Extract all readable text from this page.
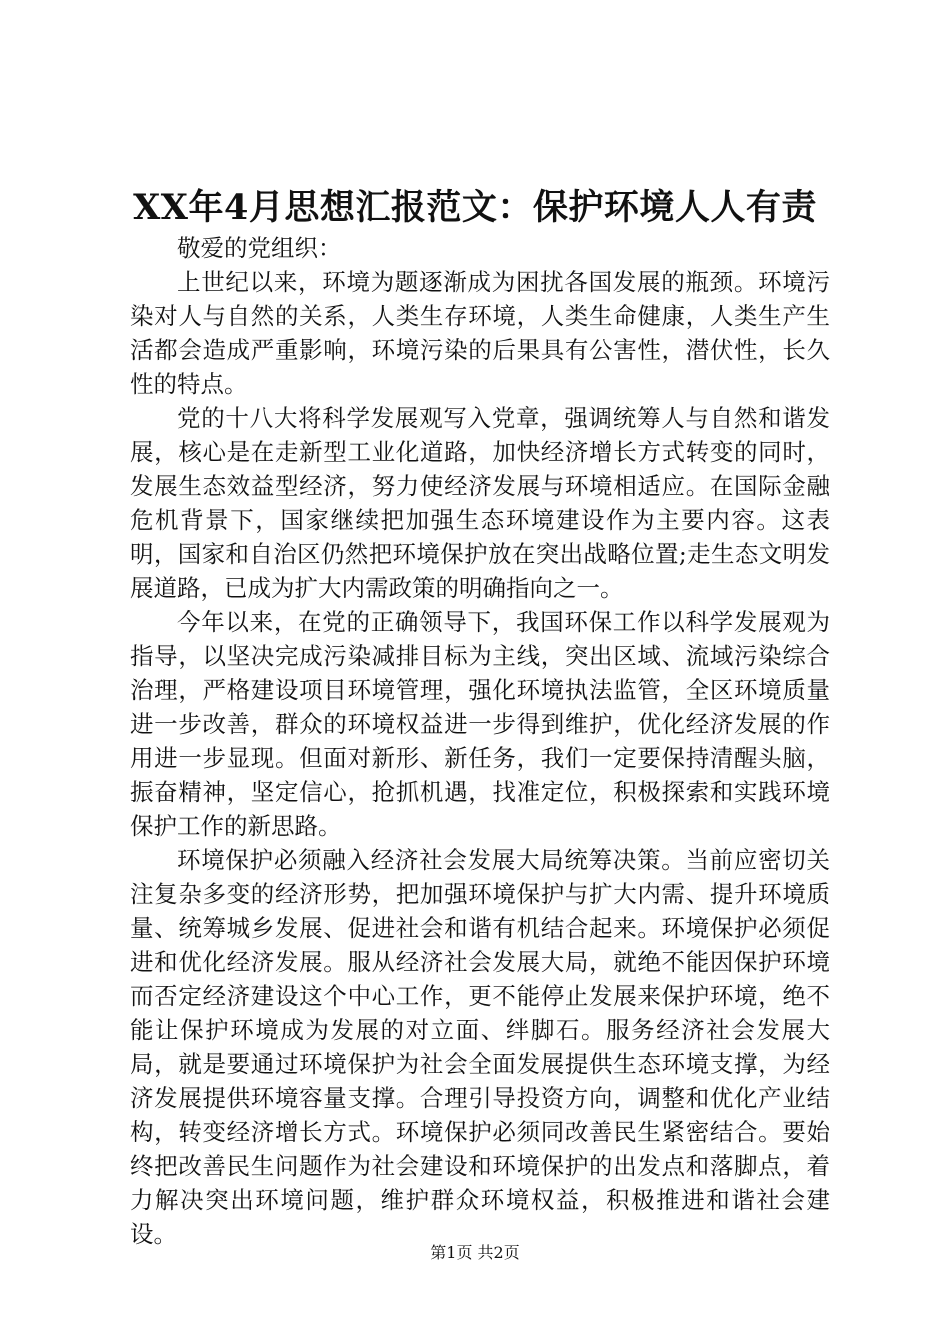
XX年4月思想汇报范文：保护环境人人有责

敬爱的党组织：

上世纪以来，环境为题逐渐成为困扰各国发展的瓶颈。环境污染对人与自然的关系，人类生存环境，人类生命健康，人类生产生活都会造成严重影响，环境污染的后果具有公害性，潜伏性，长久性的特点。

党的十八大将科学发展观写入党章，强调统筹人与自然和谐发展，核心是在走新型工业化道路，加快经济增长方式转变的同时，发展生态效益型经济，努力使经济发展与环境相适应。在国际金融危机背景下，国家继续把加强生态环境建设作为主要内容。这表明，国家和自治区仍然把环境保护放在突出战略位置;走生态文明发展道路，已成为扩大内需政策的明确指向之一。

今年以来，在党的正确领导下，我国环保工作以科学发展观为指导，以坚决完成污染减排目标为主线，突出区域、流域污染综合治理，严格建设项目环境管理，强化环境执法监管，全区环境质量进一步改善，群众的环境权益进一步得到维护，优化经济发展的作用进一步显现。但面对新形、新任务，我们一定要保持清醒头脑，振奋精神，坚定信心，抢抓机遇，找准定位，积极探索和实践环境保护工作的新思路。

环境保护必须融入经济社会发展大局统筹决策。当前应密切关注复杂多变的经济形势，把加强环境保护与扩大内需、提升环境质量、统筹城乡发展、促进社会和谐有机结合起来。环境保护必须促进和优化经济发展。服从经济社会发展大局，就绝不能因保护环境而否定经济建设这个中心工作，更不能停止发展来保护环境，绝不能让保护环境成为发展的对立面、绊脚石。服务经济社会发展大局，就是要通过环境保护为社会全面发展提供生态环境支撑，为经济发展提供环境容量支撑。合理引导投资方向，调整和优化产业结构，转变经济增长方式。环境保护必须同改善民生紧密结合。要始终把改善民生问题作为社会建设和环境保护的出发点和落脚点，着力解决突出环境问题，维护群众环境权益，积极推进和谐社会建设。

第1页 共2页
